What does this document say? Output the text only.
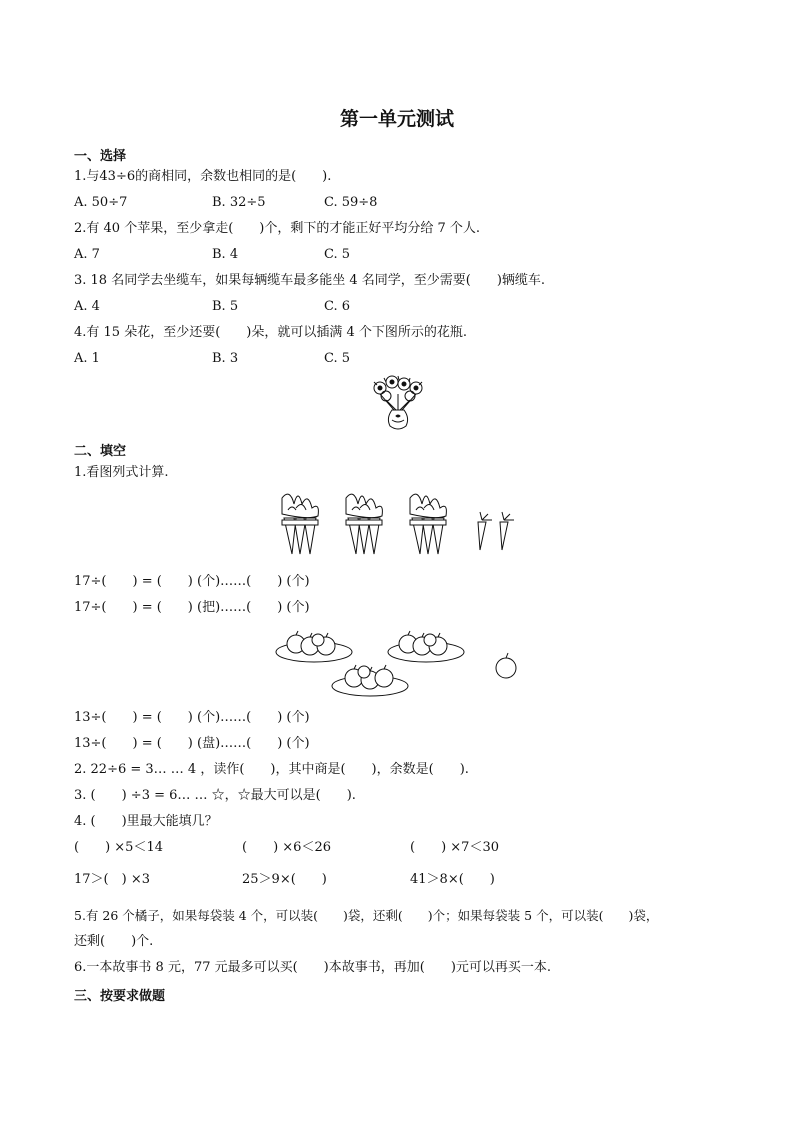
第一单元测试
一、选择
1.与43÷6的商相同，余数也相同的是(　　).
A. 50÷7	B. 32÷5	C. 59÷8
2.有 40 个苹果，至少拿走(　　)个，剩下的才能正好平均分给 7 个人.
A. 7	B. 4	C. 5
3. 18 名同学去坐缆车，如果每辆缆车最多能坐 4 名同学，至少需要(　　)辆缆车.
A. 4	B. 5	C. 6
4.有 15 朵花，至少还要(　　)朵，就可以插满 4 个下图所示的花瓶.
A. 1	B. 3	C. 5
二、填空
1.看图列式计算.
17÷(　　) = (　　) (个)……(　　) (个)
17÷(　　) = (　　) (把)……(　　) (个)
13÷(　　) = (　　) (个)……(　　) (个)
13÷(　　) = (　　) (盘)……(　　) (个)
2. 22÷6 = 3… … 4 ，读作(　　)，其中商是(　　)，余数是(　　).
3. (　　) ÷3 = 6… … ☆，☆最大可以是(　　).
4. (　　)里最大能填几？
(　　) ×5＜14	(　　) ×6＜26	(　　) ×7＜30
17＞(　) ×3	25＞9×(　　)	41＞8×(　　)
5.有 26 个橘子，如果每袋装 4 个，可以装(　　)袋，还剩(　　)个；如果每袋装 5 个，可以装(　　)袋，
还剩(　　)个.
6.一本故事书 8 元，77 元最多可以买(　　)本故事书，再加(　　)元可以再买一本.
三、按要求做题
